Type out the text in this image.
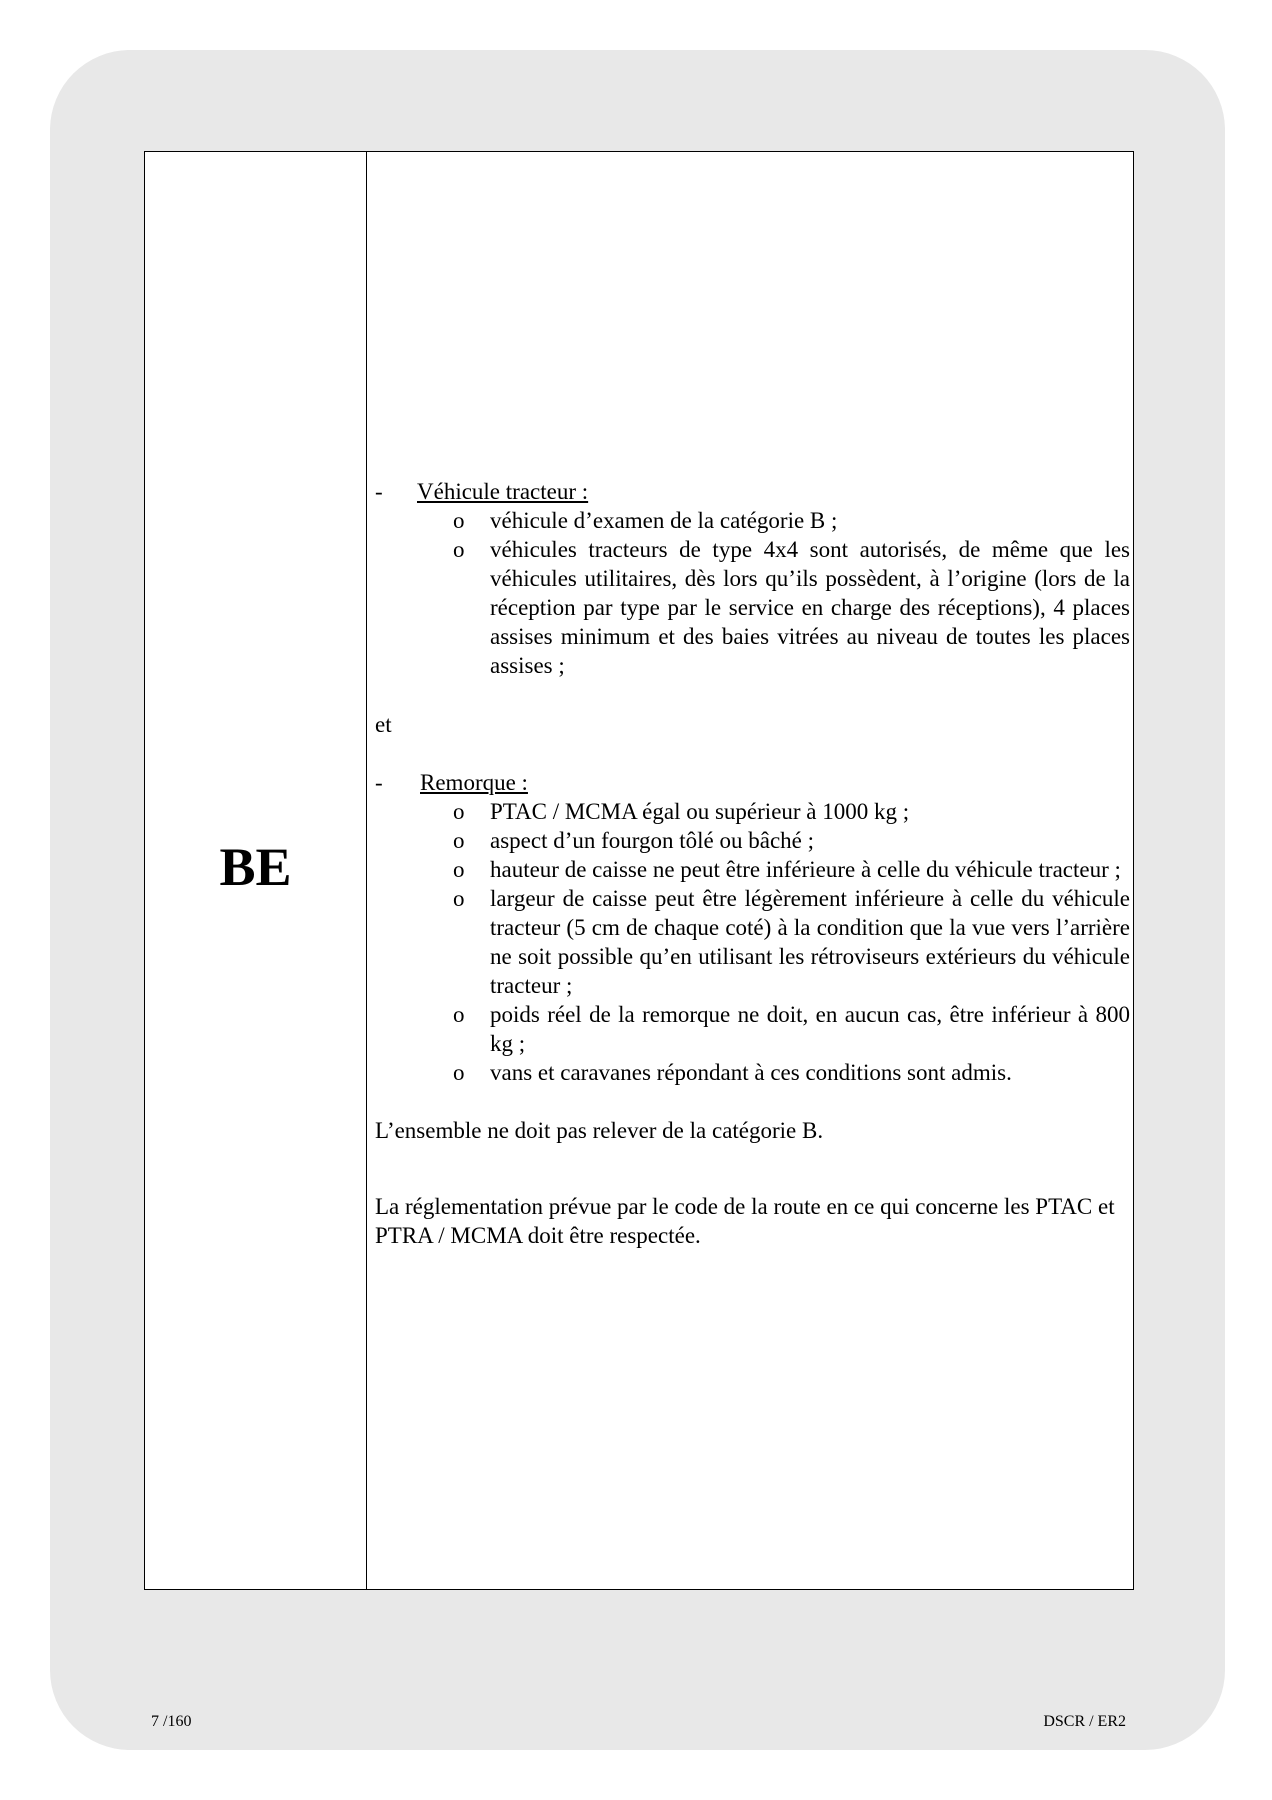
BE
- Véhicule tracteur :
o véhicule d’examen de la catégorie B ;
o véhicules tracteurs de type 4x4 sont autorisés, de même que les véhicules utilitaires, dès lors qu’ils possèdent, à l’origine (lors de la réception par type par le service en charge des réceptions), 4 places assises minimum et des baies vitrées au niveau de toutes les places assises ;
et
- Remorque :
o PTAC / MCMA égal ou supérieur à 1000 kg ;
o aspect d’un fourgon tôlé ou bâché ;
o hauteur de caisse ne peut être inférieure à celle du véhicule tracteur ;
o largeur de caisse peut être légèrement inférieure à celle du véhicule tracteur (5 cm de chaque coté) à la condition que la vue vers l’arrière ne soit possible qu’en utilisant les rétroviseurs extérieurs du véhicule tracteur ;
o poids réel de la remorque ne doit, en aucun cas, être inférieur à 800 kg ;
o vans et caravanes répondant à ces conditions sont admis.

L’ensemble ne doit pas relever de la catégorie B.

La réglementation prévue par le code de la route en ce qui concerne les PTAC et PTRA / MCMA doit être respectée.

7 /160	DSCR / ER2
